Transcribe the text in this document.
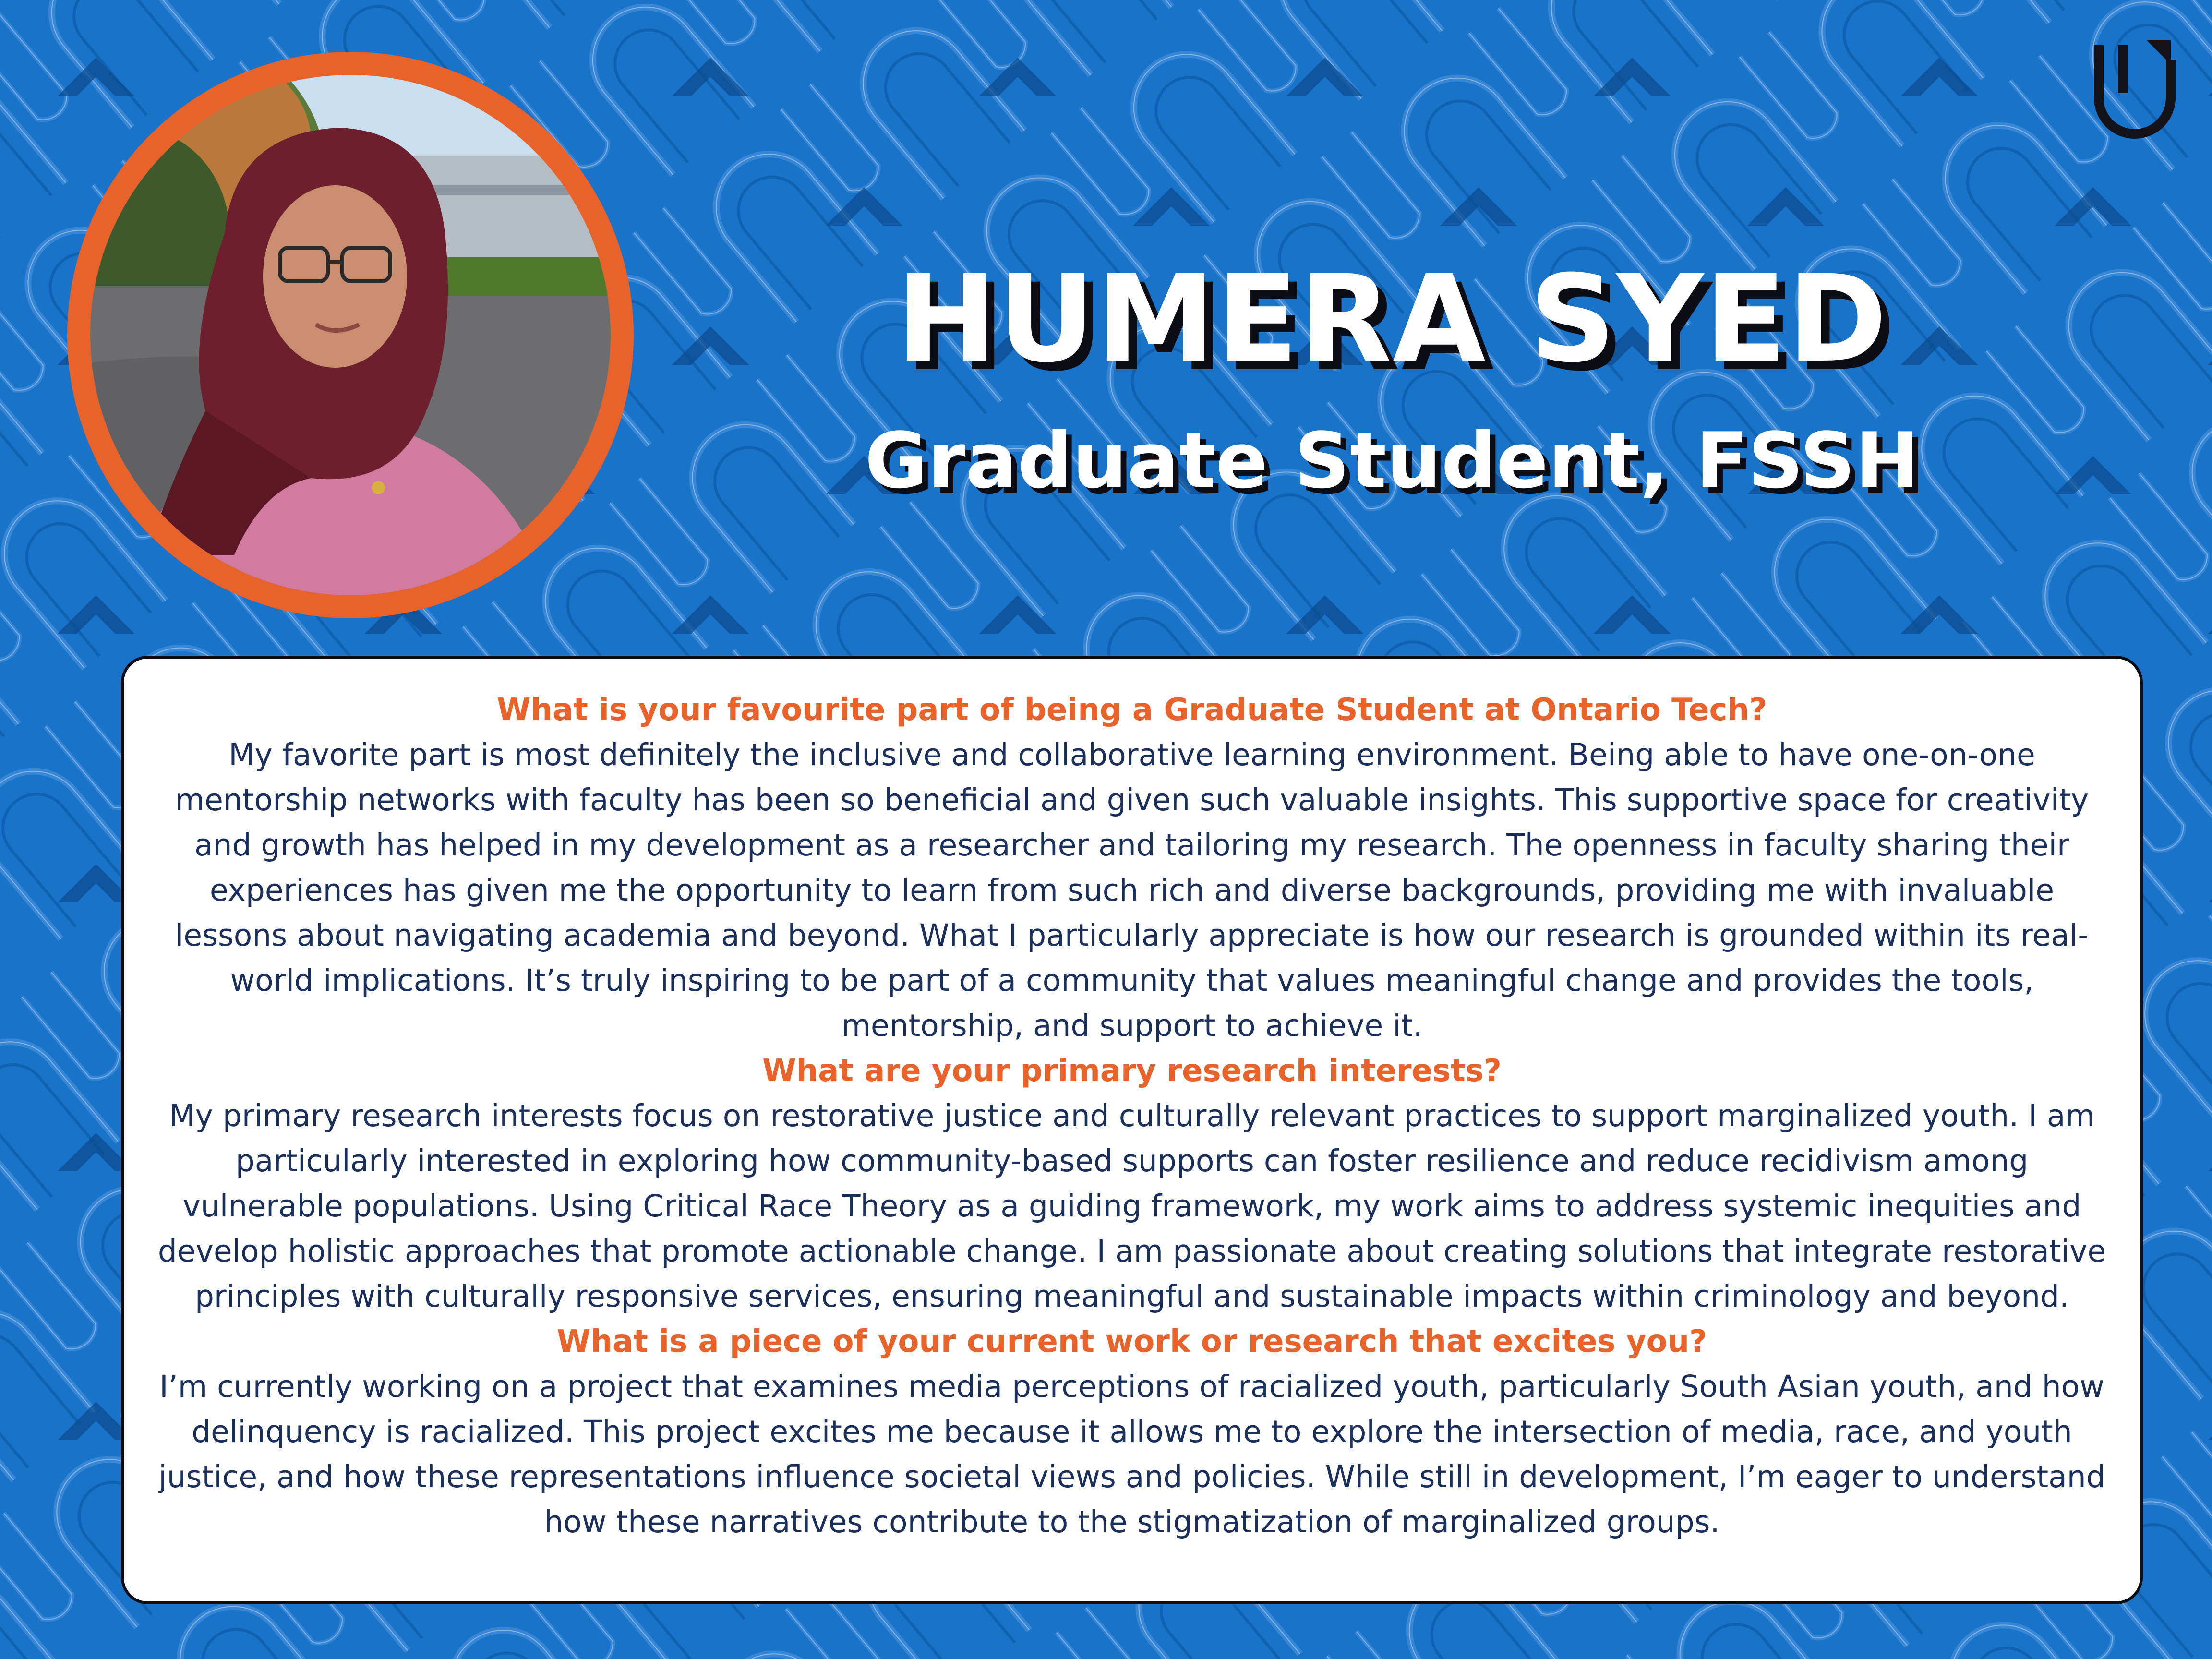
HUMERA SYED
Graduate Student, FSSH

What is your favourite part of being a Graduate Student at Ontario Tech?

My favorite part is most definitely the inclusive and collaborative learning environment. Being able to have one-on-one mentorship networks with faculty has been so beneficial and given such valuable insights. This supportive space for creativity and growth has helped in my development as a researcher and tailoring my research. The openness in faculty sharing their experiences has given me the opportunity to learn from such rich and diverse backgrounds, providing me with invaluable lessons about navigating academia and beyond. What I particularly appreciate is how our research is grounded within its real-world implications. It’s truly inspiring to be part of a community that values meaningful change and provides the tools, mentorship, and support to achieve it.

What are your primary research interests?

My primary research interests focus on restorative justice and culturally relevant practices to support marginalized youth. I am particularly interested in exploring how community-based supports can foster resilience and reduce recidivism among vulnerable populations. Using Critical Race Theory as a guiding framework, my work aims to address systemic inequities and develop holistic approaches that promote actionable change. I am passionate about creating solutions that integrate restorative principles with culturally responsive services, ensuring meaningful and sustainable impacts within criminology and beyond.

What is a piece of your current work or research that excites you?

I’m currently working on a project that examines media perceptions of racialized youth, particularly South Asian youth, and how delinquency is racialized. This project excites me because it allows me to explore the intersection of media, race, and youth justice, and how these representations influence societal views and policies. While still in development, I’m eager to understand how these narratives contribute to the stigmatization of marginalized groups.
